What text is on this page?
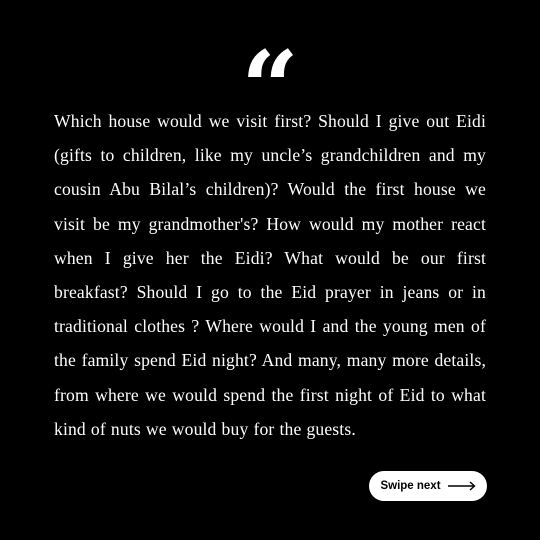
“

Which house would we visit first? Should I give out Eidi (gifts to children, like my uncle’s grandchildren and my cousin Abu Bilal’s children)? Would the first house we visit be my grandmother's? How would my mother react when I give her the Eidi? What would be our first breakfast? Should I go to the Eid prayer in jeans or in traditional clothes ? Where would I and the young men of the family spend Eid night? And many, many more details, from where we would spend the first night of Eid to what kind of nuts we would buy for the guests.

Swipe next
